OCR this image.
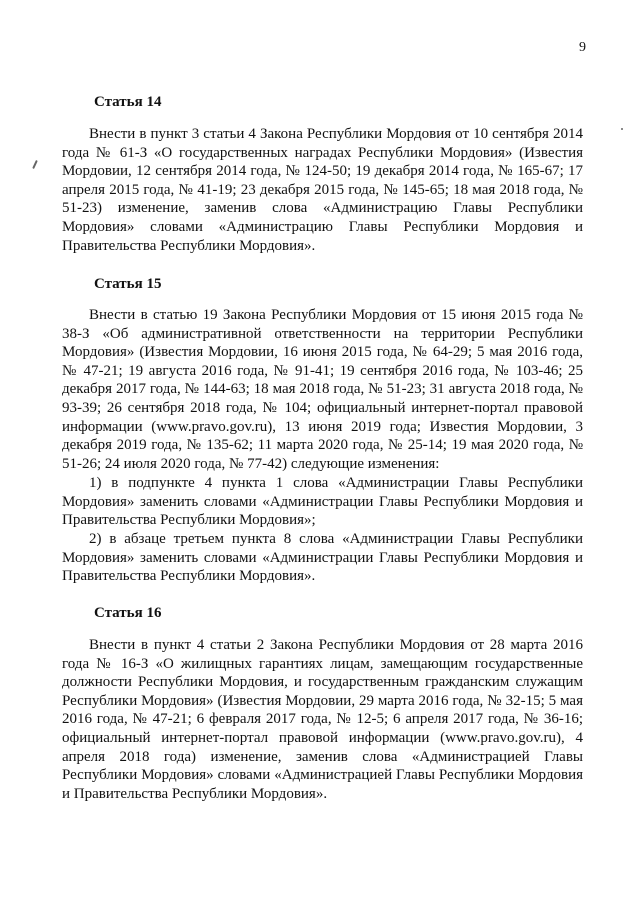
9
Статья 14

Внести в пункт 3 статьи 4 Закона Республики Мордовия от 10 сентября 2014 года № 61-З «О государственных наградах Республики Мордовия» (Известия Мордовии, 12 сентября 2014 года, № 124-50; 19 декабря 2014 года, № 165-67; 17 апреля 2015 года, № 41-19; 23 декабря 2015 года, № 145-65; 18 мая 2018 года, № 51-23) изменение, заменив слова «Администрацию Главы Республики Мордовия» словами «Администрацию Главы Республики Мордовия и Правительства Республики Мордовия».

Статья 15

Внести в статью 19 Закона Республики Мордовия от 15 июня 2015 года № 38-З «Об административной ответственности на территории Республики Мордовия» (Известия Мордовии, 16 июня 2015 года, № 64-29; 5 мая 2016 года, № 47-21; 19 августа 2016 года, № 91-41; 19 сентября 2016 года, № 103-46; 25 декабря 2017 года, № 144-63; 18 мая 2018 года, № 51-23; 31 августа 2018 года, № 93-39; 26 сентября 2018 года, № 104; официальный интернет-портал правовой информации (www.pravo.gov.ru), 13 июня 2019 года; Известия Мордовии, 3 декабря 2019 года, № 135-62; 11 марта 2020 года, № 25-14; 19 мая 2020 года, № 51-26; 24 июля 2020 года, № 77-42) следующие изменения:

1) в подпункте 4 пункта 1 слова «Администрации Главы Республики Мордовия» заменить словами «Администрации Главы Республики Мордовия и Правительства Республики Мордовия»;

2) в абзаце третьем пункта 8 слова «Администрации Главы Республики Мордовия» заменить словами «Администрации Главы Республики Мордовия и Правительства Республики Мордовия».

Статья 16

Внести в пункт 4 статьи 2 Закона Республики Мордовия от 28 марта 2016 года № 16-З «О жилищных гарантиях лицам, замещающим государственные должности Республики Мордовия, и государственным гражданским служащим Республики Мордовия» (Известия Мордовии, 29 марта 2016 года, № 32-15; 5 мая 2016 года, № 47-21; 6 февраля 2017 года, № 12-5; 6 апреля 2017 года, № 36-16; официальный интернет-портал правовой информации (www.pravo.gov.ru), 4 апреля 2018 года) изменение, заменив слова «Администрацией Главы Республики Мордовия» словами «Администрацией Главы Республики Мордовия и Правительства Республики Мордовия».
